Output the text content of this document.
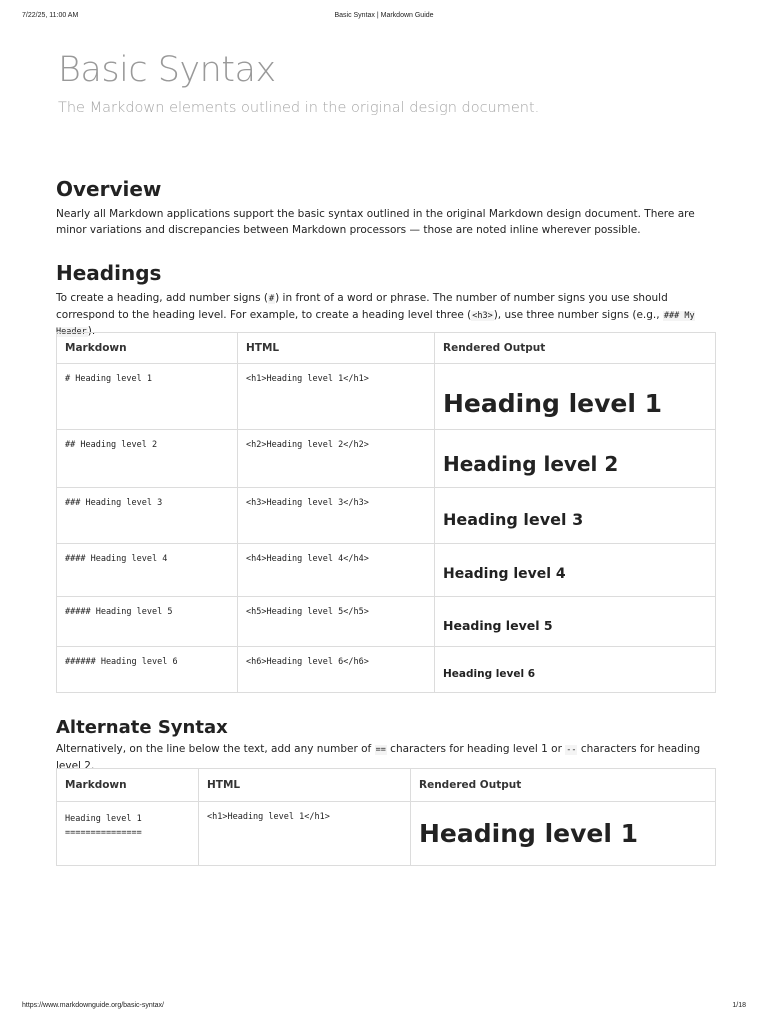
7/22/25, 11:00 AM	Basic Syntax | Markdown Guide
Basic Syntax

The Markdown elements outlined in the original design document.

Overview

Nearly all Markdown applications support the basic syntax outlined in the original Markdown design document. There are minor variations and discrepancies between Markdown processors — those are noted inline wherever possible.

Headings

To create a heading, add number signs (#) in front of a word or phrase. The number of number signs you use should correspond to the heading level. For example, to create a heading level three (<h3>), use three number signs (e.g., ### My Header).

Markdown	HTML	Rendered Output
# Heading level 1	<h1>Heading level 1</h1>	Heading level 1

## Heading level 2	<h2>Heading level 2</h2>	Heading level 2

### Heading level 3	<h3>Heading level 3</h3>	Heading level 3

#### Heading level 4	<h4>Heading level 4</h4>	Heading level 4

##### Heading level 5	<h5>Heading level 5</h5>	Heading level 5

###### Heading level 6	<h6>Heading level 6</h6>	Heading level 6
Alternate Syntax

Alternatively, on the line below the text, add any number of == characters for heading level 1 or -- characters for heading level 2.

Markdown	HTML	Rendered Output
Heading level 1
===============	<h1>Heading level 1</h1>	Heading level 1
https://www.markdownguide.org/basic-syntax/	1/18
